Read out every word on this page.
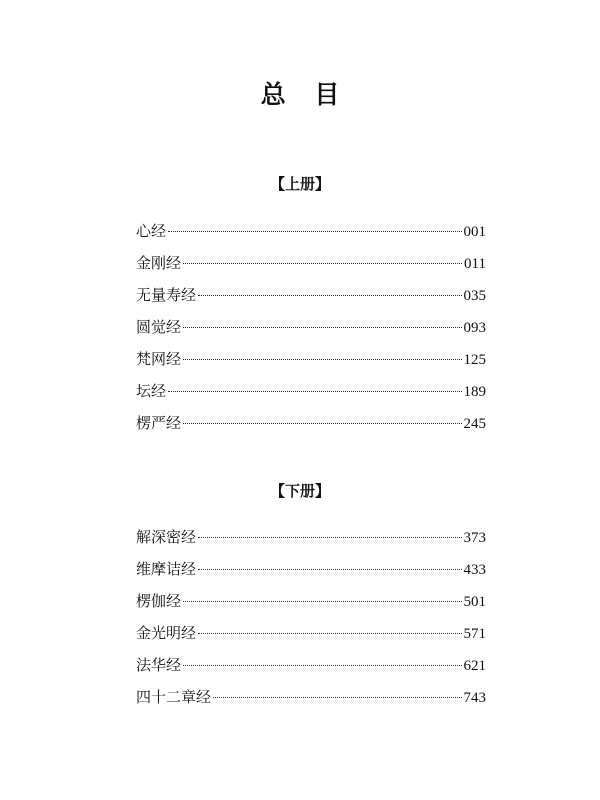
总 目
【上册】
心经	001
金刚经	011
无量寿经	035
圆觉经	093
梵网经	125
坛经	189
楞严经	245
【下册】
解深密经	373
维摩诘经	433
楞伽经	501
金光明经	571
法华经	621
四十二章经	743
